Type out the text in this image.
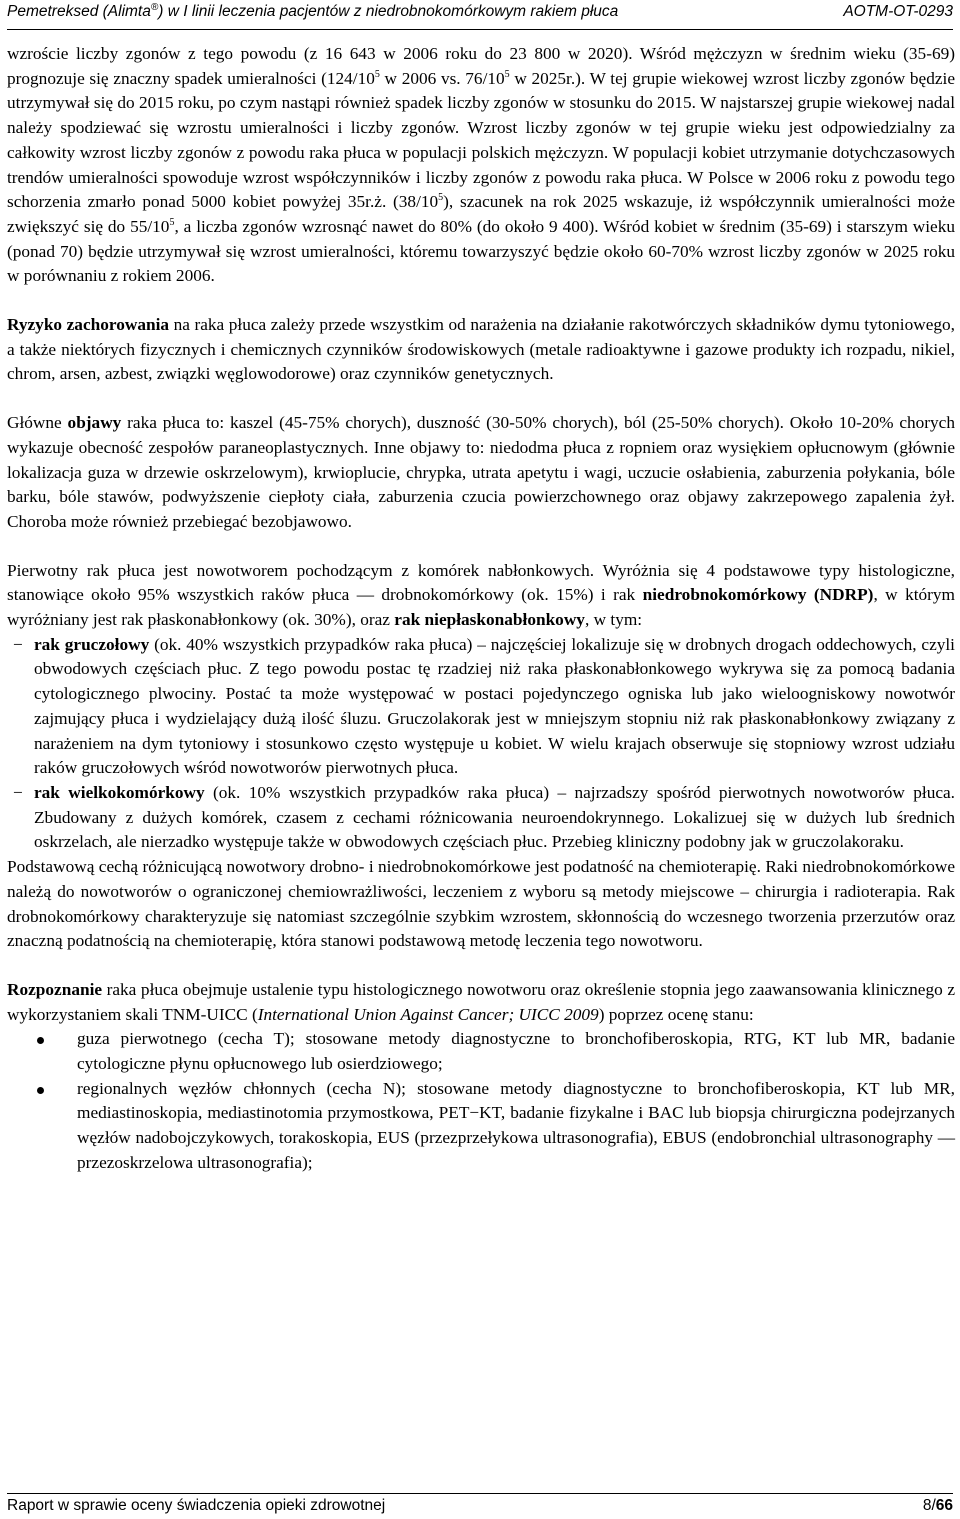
Pemetreksed (Alimta®) w I linii leczenia pacjentów z niedrobnokomórkowym rakiem płuca	AOTM-OT-0293

wzroście liczby zgonów z tego powodu (z 16 643 w 2006 roku do 23 800 w 2020). Wśród mężczyzn w średnim wieku (35-69) prognozuje się znaczny spadek umieralności ($124/10^5$ w 2006 vs. $76/10^5$ w 2025r.). W tej grupie wiekowej wzrost liczby zgonów będzie utrzymywał się do 2015 roku, po czym nastąpi również spadek liczby zgonów w stosunku do 2015. W najstarszej grupie wiekowej nadal należy spodziewać się wzrostu umieralności i liczby zgonów. Wzrost liczby zgonów w tej grupie wieku jest odpowiedzialny za całkowity wzrost liczby zgonów z powodu raka płuca w populacji polskich mężczyzn. W populacji kobiet utrzymanie dotychczasowych trendów umieralności spowoduje wzrost współczynników i liczby zgonów z powodu raka płuca. W Polsce w 2006 roku z powodu tego schorzenia zmarło ponad 5000 kobiet powyżej 35r.ż. $(38/10^5)$, szacunek na rok 2025 wskazuje, iż współczynnik umieralności może zwiększyć się do $55/10^5$, a liczba zgonów wzrosnąć nawet do 80% (do około 9 400). Wśród kobiet w średnim (35-69) i starszym wieku (ponad 70) będzie utrzymywał się wzrost umieralności, któremu towarzyszyć będzie około 60-70% wzrost liczby zgonów w 2025 roku w porównaniu z rokiem 2006.

Ryzyko zachorowania na raka płuca zależy przede wszystkim od narażenia na działanie rakotwórczych składników dymu tytoniowego, a także niektórych fizycznych i chemicznych czynników środowiskowych (metale radioaktywne i gazowe produkty ich rozpadu, nikiel, chrom, arsen, azbest, związki węglowodorowe) oraz czynników genetycznych.

Główne objawy raka płuca to: kaszel (45-75% chorych), duszność (30-50% chorych), ból (25-50% chorych). Około 10-20% chorych wykazuje obecność zespołów paraneoplastycznych. Inne objawy to: niedodma płuca z ropniem oraz wysiękiem opłucnowym (głównie lokalizacja guza w drzewie oskrzelowym), krwioplucie, chrypka, utrata apetytu i wagi, uczucie osłabienia, zaburzenia połykania, bóle barku, bóle stawów, podwyższenie ciepłoty ciała, zaburzenia czucia powierzchownego oraz objawy zakrzepowego zapalenia żył. Choroba może również przebiegać bezobjawowo.

Pierwotny rak płuca jest nowotworem pochodzącym z komórek nabłonkowych. Wyróżnia się 4 podstawowe typy histologiczne, stanowiące około 95% wszystkich raków płuca — drobnokomórkowy (ok. 15%) i rak niedrobnokomórkowy (NDRP), w którym wyróżniany jest rak płaskonabłonkowy (ok. 30%), oraz rak niepłaskonabłonkowy, w tym:

− rak gruczołowy (ok. 40% wszystkich przypadków raka płuca) – najczęściej lokalizuje się w drobnych drogach oddechowych, czyli obwodowych częściach płuc. Z tego powodu postac tę rzadziej niż raka płaskonabłonkowego wykrywa się za pomocą badania cytologicznego plwociny. Postać ta może występować w postaci pojedynczego ogniska lub jako wieloogniskowy nowotwór zajmujący płuca i wydzielający dużą ilość śluzu. Gruczolakorak jest w mniejszym stopniu niż rak płaskonabłonkowy związany z narażeniem na dym tytoniowy i stosunkowo często występuje u kobiet. W wielu krajach obserwuje się stopniowy wzrost udziału raków gruczołowych wśród nowotworów pierwotnych płuca.
− rak wielkokomórkowy (ok. 10% wszystkich przypadków raka płuca) – najrzadszy spośród pierwotnych nowotworów płuca. Zbudowany z dużych komórek, czasem z cechami różnicowania neuroendokrynnego. Lokalizuej się w dużych lub średnich oskrzelach, ale nierzadko występuje także w obwodowych częściach płuc. Przebieg kliniczny podobny jak w gruczolakoraku.

Podstawową cechą różnicującą nowotwory drobno- i niedrobnokomórkowe jest podatność na chemioterapię. Raki niedrobnokomórkowe należą do nowotworów o ograniczonej chemiowrażliwości, leczeniem z wyboru są metody miejscowe – chirurgia i radioterapia. Rak drobnokomórkowy charakteryzuje się natomiast szczególnie szybkim wzrostem, skłonnością do wczesnego tworzenia przerzutów oraz znaczną podatnością na chemioterapię, która stanowi podstawową metodę leczenia tego nowotworu.

Rozpoznanie raka płuca obejmuje ustalenie typu histologicznego nowotworu oraz określenie stopnia jego zaawansowania klinicznego z wykorzystaniem skali TNM-UICC (International Union Against Cancer; UICC 2009) poprzez ocenę stanu:

guza pierwotnego (cecha T); stosowane metody diagnostyczne to bronchofiberoskopia, RTG, KT lub MR, badanie cytologiczne płynu opłucnowego lub osierdziowego;
regionalnych węzłów chłonnych (cecha N); stosowane metody diagnostyczne to bronchofiberoskopia, KT lub MR, mediastinoskopia, mediastinotomia przymostkowa, PET−KT, badanie fizykalne i BAC lub biopsja chirurgiczna podejrzanych węzłów nadobojczykowych, torakoskopia, EUS (przezprzełykowa ultrasonografia), EBUS (endobronchial ultrasonography — przezoskrzelowa ultrasonografia);
Raport w sprawie oceny świadczenia opieki zdrowotnej	8/66
